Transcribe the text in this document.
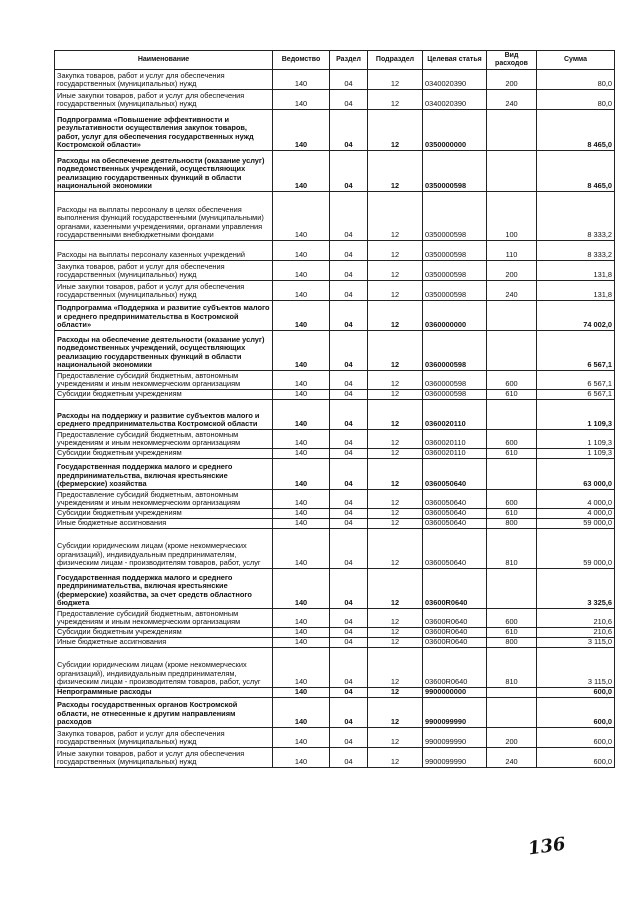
Наименование	Ведомство	Раздел	Подраздел	Целевая статья	Вид расходов	Сумма
Закупка товаров, работ и услуг для обеспечения государственных (муниципальных) нужд	140	04	12	0340020390	200	80,0
Иные закупки товаров, работ и услуг для обеспечения государственных (муниципальных) нужд	140	04	12	0340020390	240	80,0
Подпрограмма «Повышение эффективности и результативности осуществления закупок товаров, работ, услуг для обеспечения государственных нужд Костромской области»	140	04	12	0350000000		8 465,0
Расходы на обеспечение деятельности (оказание услуг) подведомственных учреждений, осуществляющих реализацию государственных функций в области национальной экономики	140	04	12	0350000598		8 465,0
Расходы на выплаты персоналу в целях обеспечения выполнения функций государственными (муниципальными) органами, казенными учреждениями, органами управления государственными внебюджетными фондами	140	04	12	0350000598	100	8 333,2
Расходы на выплаты персоналу казенных учреждений	140	04	12	0350000598	110	8 333,2
Закупка товаров, работ и услуг для обеспечения государственных (муниципальных) нужд	140	04	12	0350000598	200	131,8
Иные закупки товаров, работ и услуг для обеспечения государственных (муниципальных) нужд	140	04	12	0350000598	240	131,8
Подпрограмма «Поддержка и развитие субъектов малого и среднего предпринимательства в Костромской области»	140	04	12	0360000000		74 002,0
Расходы на обеспечение деятельности (оказание услуг) подведомственных учреждений, осуществляющих реализацию государственных функций в области национальной экономики	140	04	12	0360000598		6 567,1
Предоставление субсидий бюджетным, автономным учреждениям и иным некоммерческим организациям	140	04	12	0360000598	600	6 567,1
Субсидии бюджетным учреждениям	140	04	12	0360000598	610	6 567,1
Расходы на поддержку и развитие субъектов малого и среднего предпринимательства Костромской области	140	04	12	0360020110		1 109,3
Предоставление субсидий бюджетным, автономным учреждениям и иным некоммерческим организациям	140	04	12	0360020110	600	1 109,3
Субсидии бюджетным учреждениям	140	04	12	0360020110	610	1 109,3
Государственная поддержка малого и среднего предпринимательства, включая крестьянские (фермерские) хозяйства	140	04	12	0360050640		63 000,0
Предоставление субсидий бюджетным, автономным учреждениям и иным некоммерческим организациям	140	04	12	0360050640	600	4 000,0
Субсидии бюджетным учреждениям	140	04	12	0360050640	610	4 000,0
Иные бюджетные ассигнования	140	04	12	0360050640	800	59 000,0
Субсидии юридическим лицам (кроме некоммерческих организаций), индивидуальным предпринимателям, физическим лицам - производителям товаров, работ, услуг	140	04	12	0360050640	810	59 000,0
Государственная поддержка малого и среднего предпринимательства, включая крестьянские (фермерские) хозяйства, за счет средств областного бюджета	140	04	12	03600R0640		3 325,6
Предоставление субсидий бюджетным, автономным учреждениям и иным некоммерческим организациям	140	04	12	03600R0640	600	210,6
Субсидии бюджетным учреждениям	140	04	12	03600R0640	610	210,6
Иные бюджетные ассигнования	140	04	12	03600R0640	800	3 115,0
Субсидии юридическим лицам (кроме некоммерческих организаций), индивидуальным предпринимателям, физическим лицам - производителям товаров, работ, услуг	140	04	12	03600R0640	810	3 115,0
Непрограммные расходы	140	04	12	9900000000		600,0
Расходы государственных органов Костромской области, не отнесенные к другим направлениям расходов	140	04	12	9900099990		600,0
Закупка товаров, работ и услуг для обеспечения государственных (муниципальных) нужд	140	04	12	9900099990	200	600,0
Иные закупки товаров, работ и услуг для обеспечения государственных (муниципальных) нужд	140	04	12	9900099990	240	600,0
136
